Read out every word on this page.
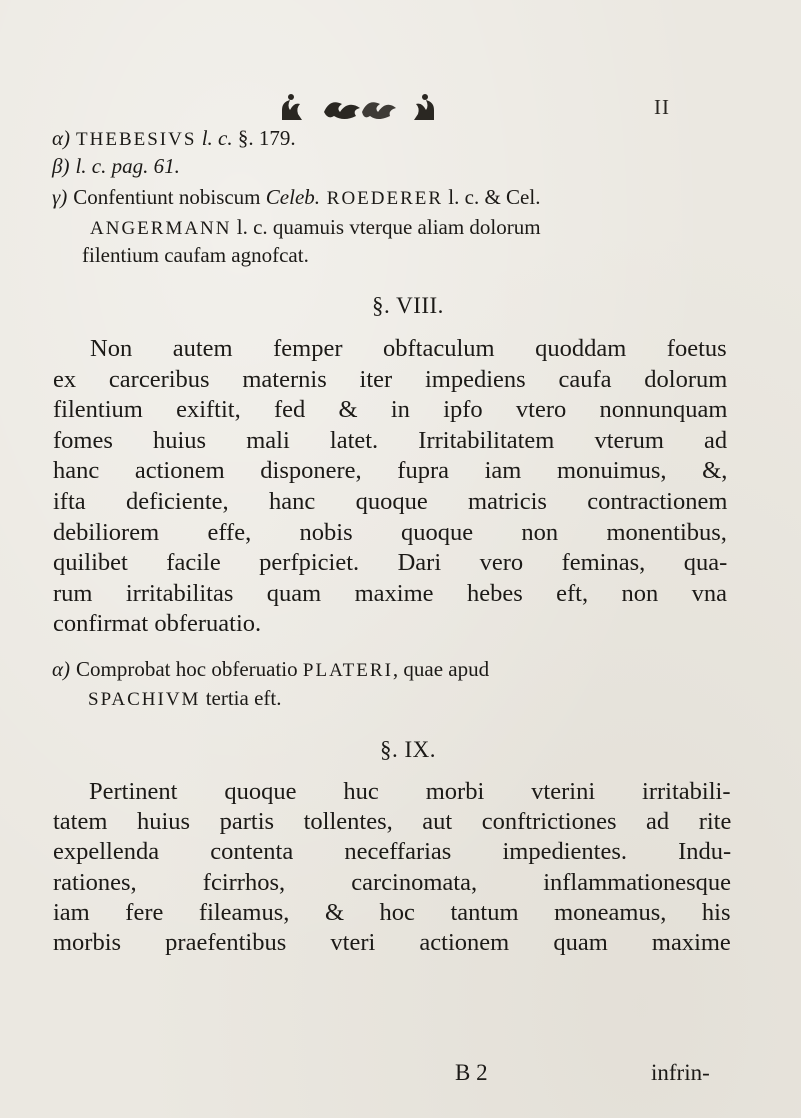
II
α) THEBESIVS l. c. §. 179.
β) l. c. pag. 61.
γ) Confentiunt nobiscum Celeb. ROEDERER l. c. & Cel.
ANGERMANN l. c. quamuis vterque aliam dolorum
filentium caufam agnofcat.
§. VIII.
Non autem femper obftaculum quoddam foetus
ex carceribus maternis iter impediens caufa dolorum
filentium exiftit, fed & in ipfo vtero nonnunquam
fomes huius mali latet. Irritabilitatem vterum ad
hanc actionem disponere, fupra iam monuimus, &,
ifta deficiente, hanc quoque matricis contractionem
debiliorem effe, nobis quoque non monentibus,
quilibet facile perfpiciet. Dari vero feminas, qua-
rum irritabilitas quam maxime hebes eft, non vna
confirmat obferuatio.
α) Comprobat hoc obferuatio PLATERI, quae apud
SPACHIVM tertia eft.
§. IX.
Pertinent quoque huc morbi vterini irritabili-
tatem huius partis tollentes, aut conftrictiones ad rite
expellenda contenta neceffarias impedientes. Indu-
rationes, fcirrhos, carcinomata, inflammationesque
iam fere fileamus, & hoc tantum moneamus, his
morbis praefentibus vteri actionem quam maxime
B 2	infrin-
